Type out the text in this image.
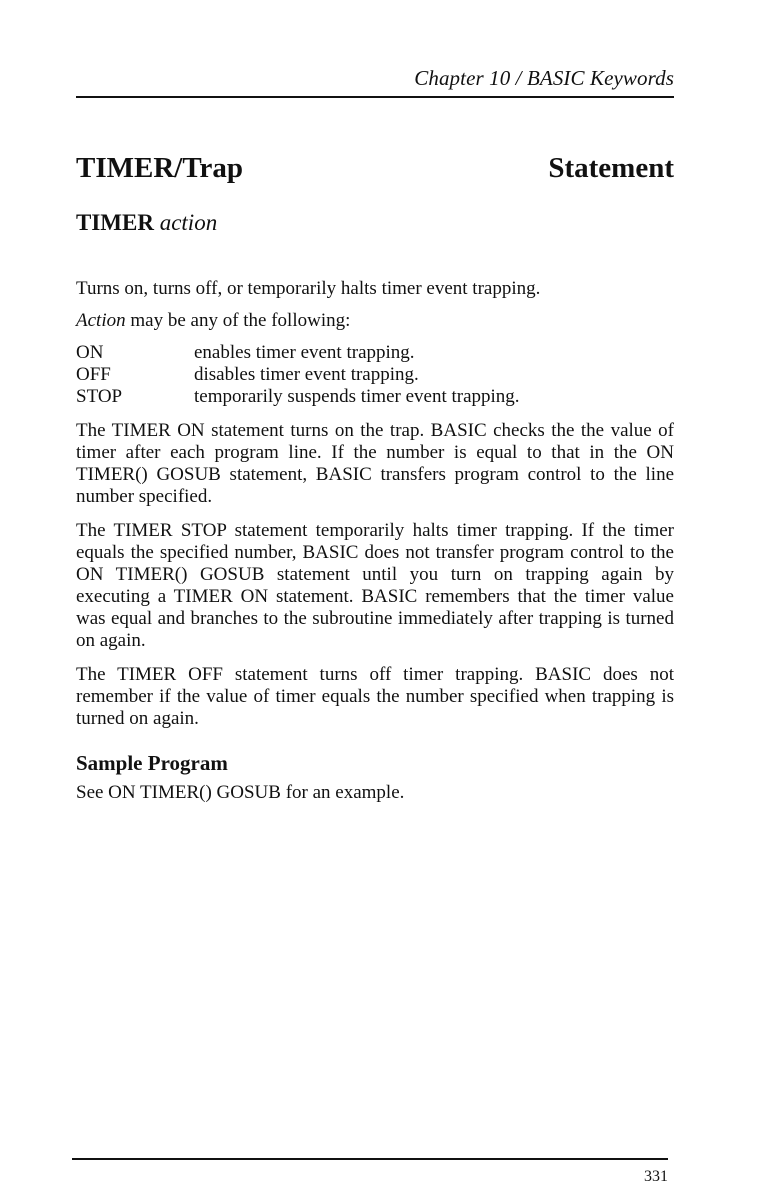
Chapter 10 / BASIC Keywords
TIMER/Trap	Statement
TIMER action

Turns on, turns off, or temporarily halts timer event trapping.

Action may be any of the following:

ON	enables timer event trapping.
OFF	disables timer event trapping.
STOP	temporarily suspends timer event trapping.

The TIMER ON statement turns on the trap. BASIC checks the the value of timer after each program line. If the number is equal to that in the ON TIMER() GOSUB statement, BASIC transfers program control to the line number specified.

The TIMER STOP statement temporarily halts timer trapping. If the timer equals the specified number, BASIC does not transfer program control to the ON TIMER() GOSUB statement until you turn on trapping again by executing a TIMER ON statement. BASIC remembers that the timer value was equal and branches to the subroutine immediately after trapping is turned on again.

The TIMER OFF statement turns off timer trapping. BASIC does not remember if the value of timer equals the number specified when trapping is turned on again.

Sample Program

See ON TIMER() GOSUB for an example.

331
